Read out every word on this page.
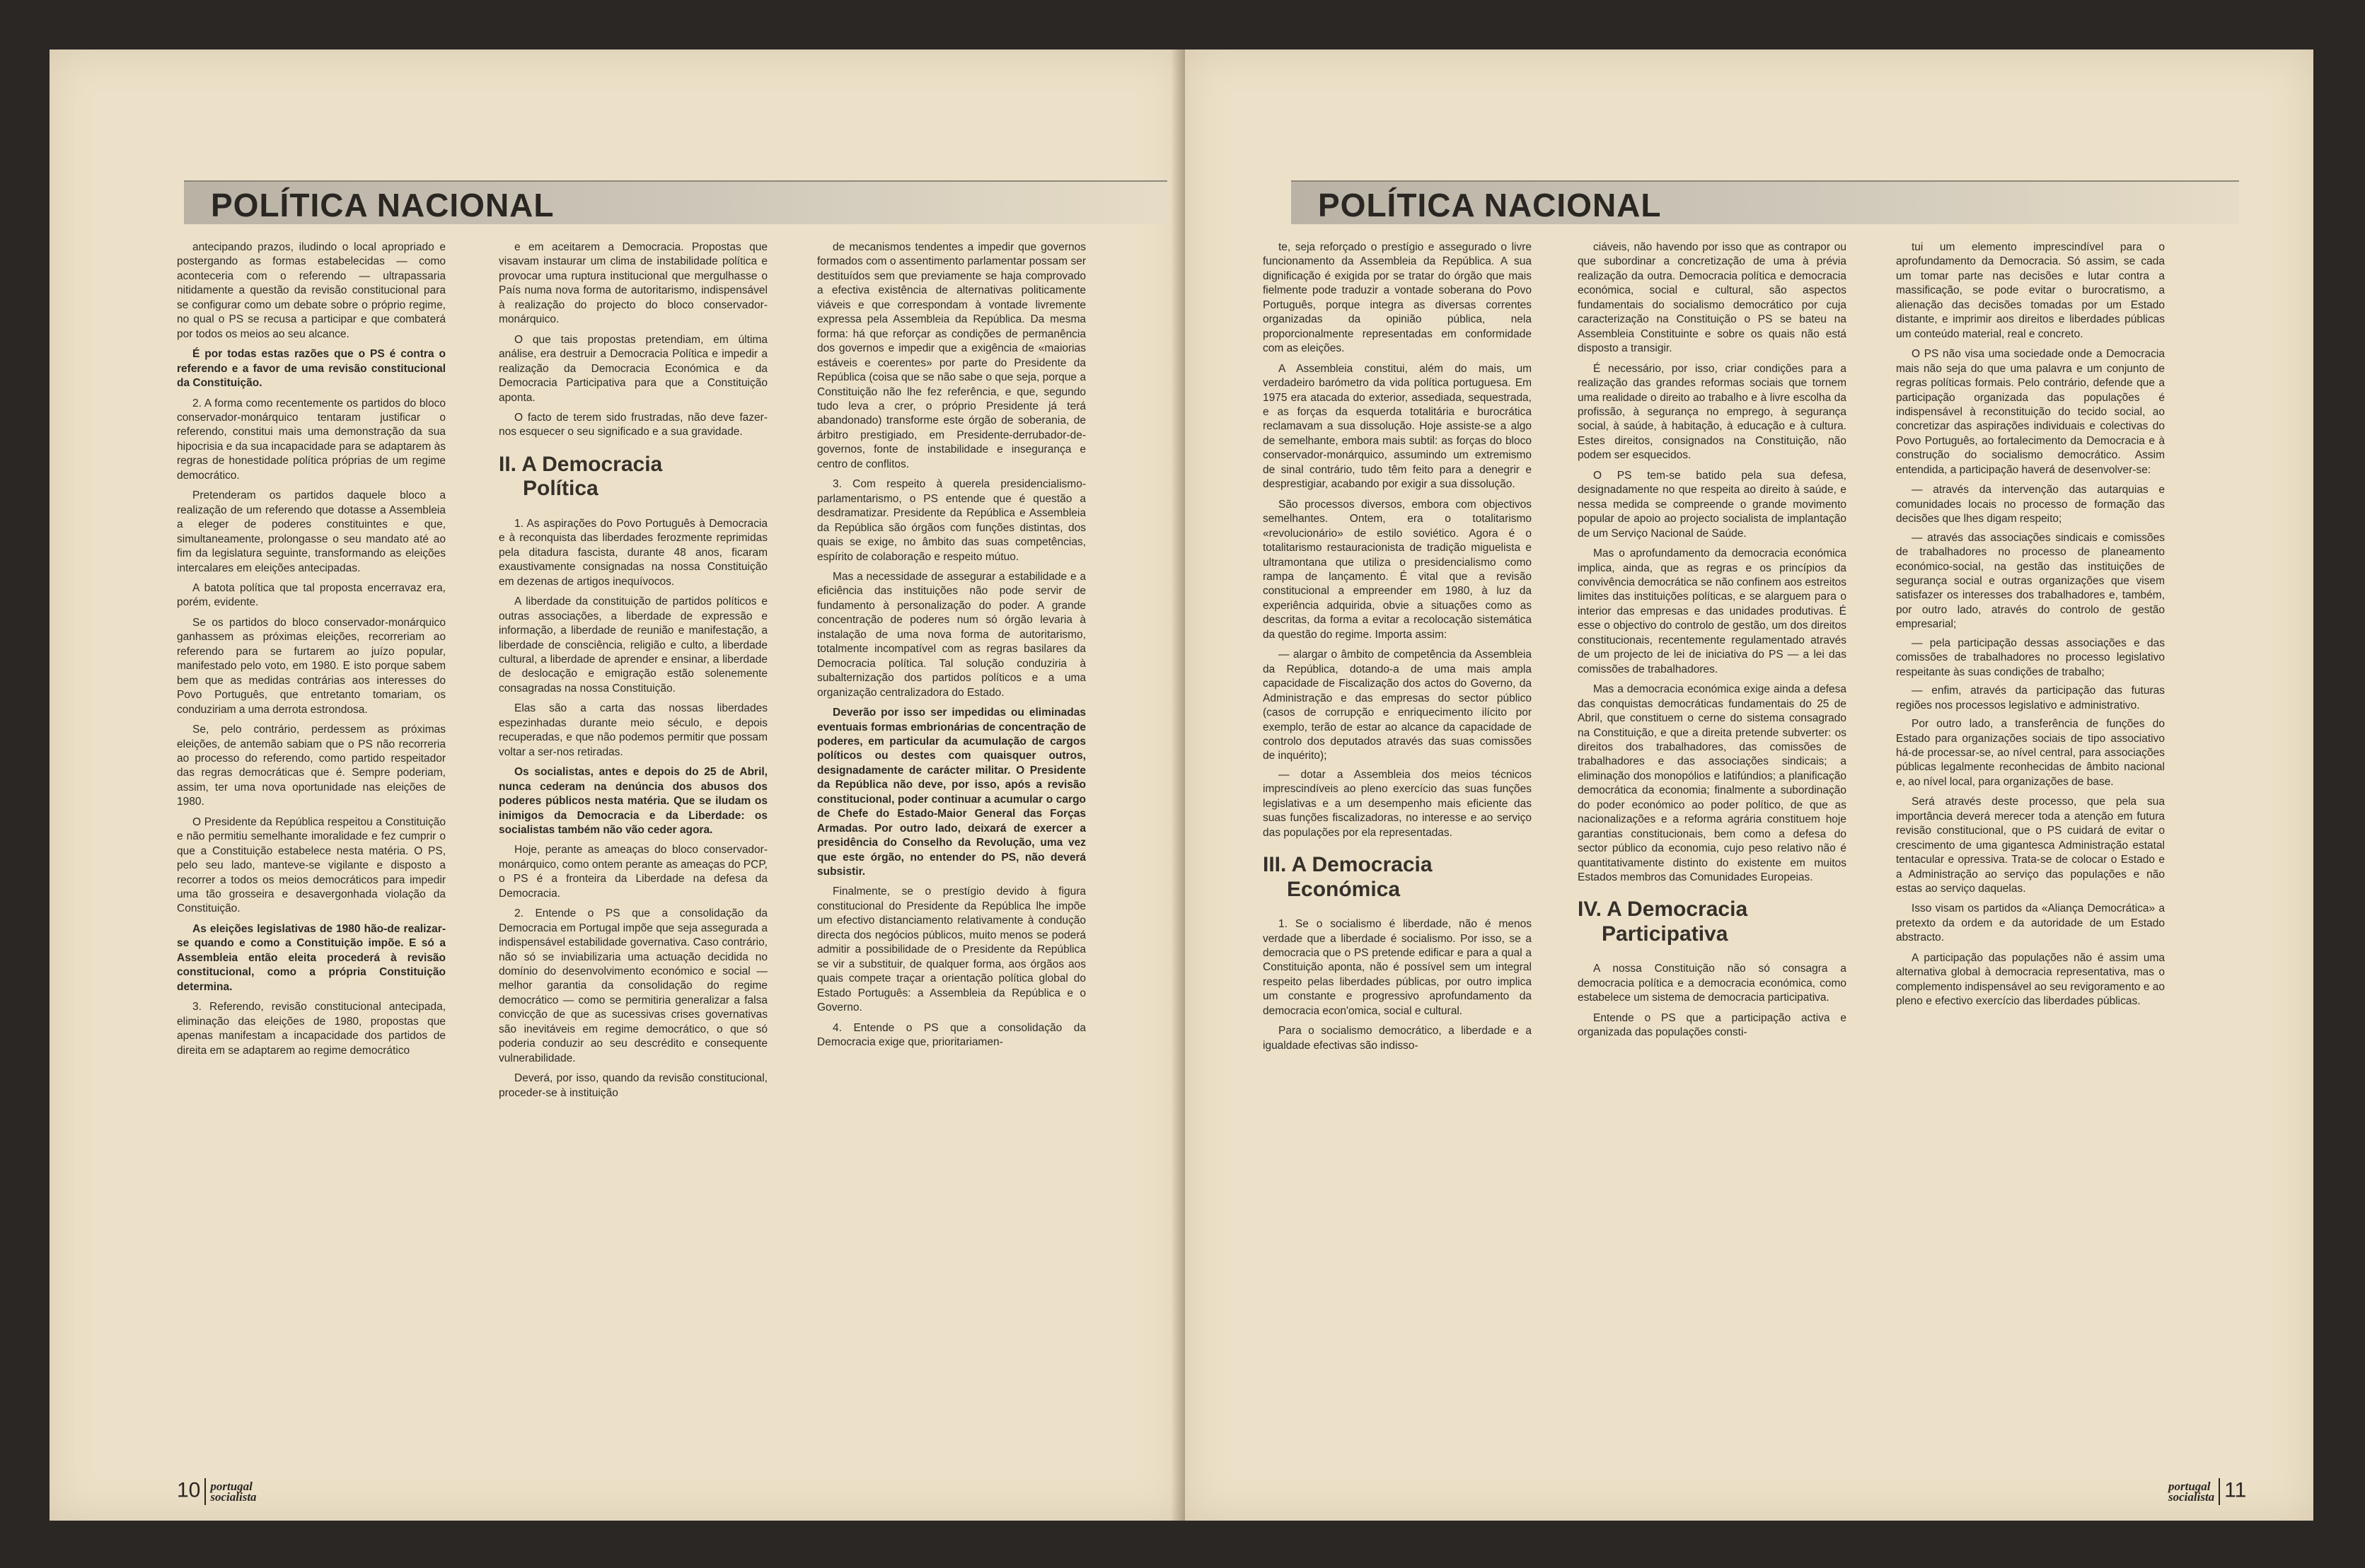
POLÍTICA NACIONAL

antecipando prazos, iludindo o local apropriado e postergando as formas estabelecidas — como aconteceria com o referendo — ultrapassaria nitidamente a questão da revisão constitucional para se configurar como um debate sobre o próprio regime, no qual o PS se recusa a participar e que combaterá por todos os meios ao seu alcance.

É por todas estas razões que o PS é contra o referendo e a favor de uma revisão constitucional da Constituição.

2. A forma como recentemente os partidos do bloco conservador-monárquico tentaram justificar o referendo, constitui mais uma demonstração da sua hipocrisia e da sua incapacidade para se adaptarem às regras de honestidade política próprias de um regime democrático.

Pretenderam os partidos daquele bloco a realização de um referendo que dotasse a Assembleia a eleger de poderes constituintes e que, simultaneamente, prolongasse o seu mandato até ao fim da legislatura seguinte, transformando as eleições intercalares em eleições antecipadas.

A batota política que tal proposta encerravaz era, porém, evidente.

Se os partidos do bloco conservador-monárquico ganhassem as próximas eleições, recorreriam ao referendo para se furtarem ao juízo popular, manifestado pelo voto, em 1980. E isto porque sabem bem que as medidas contrárias aos interesses do Povo Português, que entretanto tomariam, os conduziriam a uma derrota estrondosa.

Se, pelo contrário, perdessem as próximas eleições, de antemão sabiam que o PS não recorreria ao processo do referendo, como partido respeitador das regras democráticas que é. Sempre poderiam, assim, ter uma nova oportunidade nas eleições de 1980.

O Presidente da República respeitou a Constituição e não permitiu semelhante imoralidade e fez cumprir o que a Constituição estabelece nesta matéria. O PS, pelo seu lado, manteve-se vigilante e disposto a recorrer a todos os meios democráticos para impedir uma tão grosseira e desavergonhada violação da Constituição.

As eleições legislativas de 1980 hão-de realizar-se quando e como a Constituição impõe. E só a Assembleia então eleita procederá à revisão constitucional, como a própria Constituição determina.

3. Referendo, revisão constitucional antecipada, eliminação das eleições de 1980, propostas que apenas manifestam a incapacidade dos partidos de direita em se adaptarem ao regime democrático

e em aceitarem a Democracia. Propostas que visavam instaurar um clima de instabilidade política e provocar uma ruptura institucional que mergulhasse o País numa nova forma de autoritarismo, indispensável à realização do projecto do bloco conservador-monárquico.

O que tais propostas pretendiam, em última análise, era destruir a Democracia Política e impedir a realização da Democracia Económica e da Democracia Participativa para que a Constituição aponta.

O facto de terem sido frustradas, não deve fazer-nos esquecer o seu significado e a sua gravidade.

II. A Democracia
Política

1. As aspirações do Povo Português à Democracia e à reconquista das liberdades ferozmente reprimidas pela ditadura fascista, durante 48 anos, ficaram exaustivamente consignadas na nossa Constituição em dezenas de artigos inequívocos.

A liberdade da constituição de partidos políticos e outras associações, a liberdade de expressão e informação, a liberdade de reunião e manifestação, a liberdade de consciência, religião e culto, a liberdade cultural, a liberdade de aprender e ensinar, a liberdade de deslocação e emigração estão solenemente consagradas na nossa Constituição.

Elas são a carta das nossas liberdades espezinhadas durante meio século, e depois recuperadas, e que não podemos permitir que possam voltar a ser-nos retiradas.

Os socialistas, antes e depois do 25 de Abril, nunca cederam na denúncia dos abusos dos poderes públicos nesta matéria. Que se iludam os inimigos da Democracia e da Liberdade: os socialistas também não vão ceder agora.

Hoje, perante as ameaças do bloco conservador-monárquico, como ontem perante as ameaças do PCP, o PS é a fronteira da Liberdade na defesa da Democracia.

2. Entende o PS que a consolidação da Democracia em Portugal impõe que seja assegurada a indispensável estabilidade governativa. Caso contrário, não só se inviabilizaria uma actuação decidida no domínio do desenvolvimento económico e social — melhor garantia da consolidação do regime democrático — como se permitiria generalizar a falsa convicção de que as sucessivas crises governativas são inevitáveis em regime democrático, o que só poderia conduzir ao seu descrédito e consequente vulnerabilidade.

Deverá, por isso, quando da revisão constitucional, proceder-se à instituição

de mecanismos tendentes a impedir que governos formados com o assentimento parlamentar possam ser destituídos sem que previamente se haja comprovado a efectiva existência de alternativas politicamente viáveis e que correspondam à vontade livremente expressa pela Assembleia da República. Da mesma forma: há que reforçar as condições de permanência dos governos e impedir que a exigência de «maiorias estáveis e coerentes» por parte do Presidente da República (coisa que se não sabe o que seja, porque a Constituição não lhe fez referência, e que, segundo tudo leva a crer, o próprio Presidente já terá abandonado) transforme este órgão de soberania, de árbitro prestigiado, em Presidente-derrubador-de-governos, fonte de instabilidade e insegurança e centro de conflitos.

3. Com respeito à querela presidencialismo-parlamentarismo, o PS entende que é questão a desdramatizar. Presidente da República e Assembleia da República são órgãos com funções distintas, dos quais se exige, no âmbito das suas competências, espírito de colaboração e respeito mútuo.

Mas a necessidade de assegurar a estabilidade e a eficiência das instituições não pode servir de fundamento à personalização do poder. A grande concentração de poderes num só órgão levaria à instalação de uma nova forma de autoritarismo, totalmente incompatível com as regras basilares da Democracia política. Tal solução conduziria à subalternização dos partidos políticos e a uma organização centralizadora do Estado.

Deverão por isso ser impedidas ou eliminadas eventuais formas embrionárias de concentração de poderes, em particular da acumulação de cargos políticos ou destes com quaisquer outros, designadamente de carácter militar. O Presidente da República não deve, por isso, após a revisão constitucional, poder continuar a acumular o cargo de Chefe do Estado-Maior General das Forças Armadas. Por outro lado, deixará de exercer a presidência do Conselho da Revolução, uma vez que este órgão, no entender do PS, não deverá subsistir.

Finalmente, se o prestígio devido à figura constitucional do Presidente da República lhe impõe um efectivo distanciamento relativamente à condução directa dos negócios públicos, muito menos se poderá admitir a possibilidade de o Presidente da República se vir a substituir, de qualquer forma, aos órgãos aos quais compete traçar a orientação política global do Estado Português: a Assembleia da República e o Governo.

4. Entende o PS que a consolidação da Democracia exige que, prioritariamen-

10 portugal
socialista
POLÍTICA NACIONAL

te, seja reforçado o prestígio e assegurado o livre funcionamento da Assembleia da República. A sua dignificação é exigida por se tratar do órgão que mais fielmente pode traduzir a vontade soberana do Povo Português, porque integra as diversas correntes organizadas da opinião pública, nela proporcionalmente representadas em conformidade com as eleições.

A Assembleia constitui, além do mais, um verdadeiro barómetro da vida política portuguesa. Em 1975 era atacada do exterior, assediada, sequestrada, e as forças da esquerda totalitária e burocrática reclamavam a sua dissolução. Hoje assiste-se a algo de semelhante, embora mais subtil: as forças do bloco conservador-monárquico, assumindo um extremismo de sinal contrário, tudo têm feito para a denegrir e desprestigiar, acabando por exigir a sua dissolução.

São processos diversos, embora com objectivos semelhantes. Ontem, era o totalitarismo «revolucionário» de estilo soviético. Agora é o totalitarismo restauracionista de tradição miguelista e ultramontana que utiliza o presidencialismo como rampa de lançamento. É vital que a revisão constitucional a empreender em 1980, à luz da experiência adquirida, obvie a situações como as descritas, da forma a evitar a recolocação sistemática da questão do regime. Importa assim:

— alargar o âmbito de competência da Assembleia da República, dotando-a de uma mais ampla capacidade de Fiscalização dos actos do Governo, da Administração e das empresas do sector público (casos de corrupção e enriquecimento ilícito por exemplo, terão de estar ao alcance da capacidade de controlo dos deputados através das suas comissões de inquérito);

— dotar a Assembleia dos meios técnicos imprescindíveis ao pleno exercício das suas funções legislativas e a um desempenho mais eficiente das suas funções fiscalizadoras, no interesse e ao serviço das populações por ela representadas.

III. A Democracia
Económica

1. Se o socialismo é liberdade, não é menos verdade que a liberdade é socialismo. Por isso, se a democracia que o PS pretende edificar e para a qual a Constituição aponta, não é possível sem um integral respeito pelas liberdades públicas, por outro implica um constante e progressivo aprofundamento da democracia econ'omica, social e cultural.

Para o socialismo democrático, a liberdade e a igualdade efectivas são indisso-

ciáveis, não havendo por isso que as contrapor ou que subordinar a concretização de uma à prévia realização da outra. Democracia política e democracia económica, social e cultural, são aspectos fundamentais do socialismo democrático por cuja caracterização na Constituição o PS se bateu na Assembleia Constituinte e sobre os quais não está disposto a transigir.

É necessário, por isso, criar condições para a realização das grandes reformas sociais que tornem uma realidade o direito ao trabalho e à livre escolha da profissão, à segurança no emprego, à segurança social, à saúde, à habitação, à educação e à cultura. Estes direitos, consignados na Constituição, não podem ser esquecidos.

O PS tem-se batido pela sua defesa, designadamente no que respeita ao direito à saúde, e nessa medida se compreende o grande movimento popular de apoio ao projecto socialista de implantação de um Serviço Nacional de Saúde.

Mas o aprofundamento da democracia económica implica, ainda, que as regras e os princípios da convivência democrática se não confinem aos estreitos limites das instituições políticas, e se alarguem para o interior das empresas e das unidades produtivas. É esse o objectivo do controlo de gestão, um dos direitos constitucionais, recentemente regulamentado através de um projecto de lei de iniciativa do PS — a lei das comissões de trabalhadores.

Mas a democracia económica exige ainda a defesa das conquistas democráticas fundamentais do 25 de Abril, que constituem o cerne do sistema consagrado na Constituição, e que a direita pretende subverter: os direitos dos trabalhadores, das comissões de trabalhadores e das associações sindicais; a eliminação dos monopólios e latifúndios; a planificação democrática da economia; finalmente a subordinação do poder económico ao poder político, de que as nacionalizações e a reforma agrária constituem hoje garantias constitucionais, bem como a defesa do sector público da economia, cujo peso relativo não é quantitativamente distinto do existente em muitos Estados membros das Comunidades Europeias.

IV. A Democracia
Participativa

A nossa Constituição não só consagra a democracia política e a democracia económica, como estabelece um sistema de democracia participativa.

Entende o PS que a participação activa e organizada das populações consti-

tui um elemento imprescindível para o aprofundamento da Democracia. Só assim, se cada um tomar parte nas decisões e lutar contra a massificação, se pode evitar o burocratismo, a alienação das decisões tomadas por um Estado distante, e imprimir aos direitos e liberdades públicas um conteúdo material, real e concreto.

O PS não visa uma sociedade onde a Democracia mais não seja do que uma palavra e um conjunto de regras políticas formais. Pelo contrário, defende que a participação organizada das populações é indispensável à reconstituição do tecido social, ao concretizar das aspirações individuais e colectivas do Povo Português, ao fortalecimento da Democracia e à construção do socialismo democrático. Assim entendida, a participação haverá de desenvolver-se:

— através da intervenção das autarquias e comunidades locais no processo de formação das decisões que lhes digam respeito;

— através das associações sindicais e comissões de trabalhadores no processo de planeamento económico-social, na gestão das instituições de segurança social e outras organizações que visem satisfazer os interesses dos trabalhadores e, também, por outro lado, através do controlo de gestão empresarial;

— pela participação dessas associações e das comissões de trabalhadores no processo legislativo respeitante às suas condições de trabalho;

— enfim, através da participação das futuras regiões nos processos legislativo e administrativo.

Por outro lado, a transferência de funções do Estado para organizações sociais de tipo associativo há-de processar-se, ao nível central, para associações públicas legalmente reconhecidas de âmbito nacional e, ao nível local, para organizações de base.

Será através deste processo, que pela sua importância deverá merecer toda a atenção em futura revisão constitucional, que o PS cuidará de evitar o crescimento de uma gigantesca Administração estatal tentacular e opressiva. Trata-se de colocar o Estado e a Administração ao serviço das populações e não estas ao serviço daquelas.

Isso visam os partidos da «Aliança Democrática» a pretexto da ordem e da autoridade de um Estado abstracto.

A participação das populações não é assim uma alternativa global à democracia representativa, mas o complemento indispensável ao seu revigoramento e ao pleno e efectivo exercício das liberdades públicas.

portugal
socialista 11
